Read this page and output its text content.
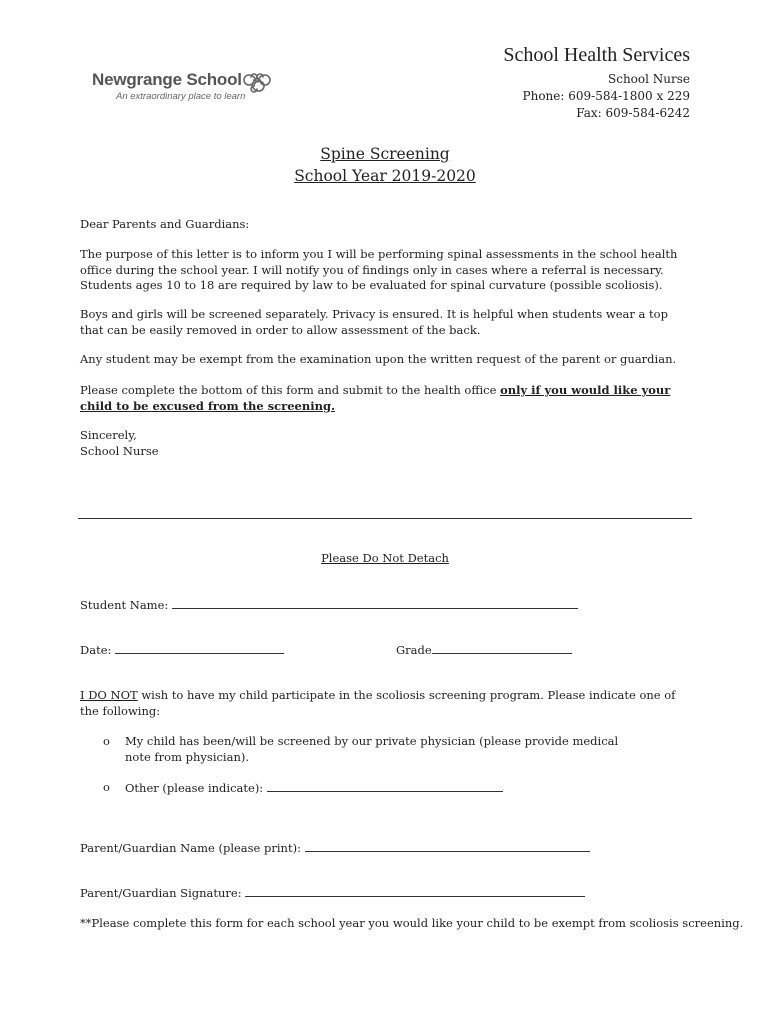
Newgrange School
An extraordinary place to learn
School Health Services
School Nurse
Phone: 609-584-1800 x 229
Fax: 609-584-6242
Spine Screening
School Year 2019-2020

Dear Parents and Guardians:

The purpose of this letter is to inform you I will be performing spinal assessments in the school health office during the school year. I will notify you of findings only in cases where a referral is necessary. Students ages 10 to 18 are required by law to be evaluated for spinal curvature (possible scoliosis).

Boys and girls will be screened separately. Privacy is ensured. It is helpful when students wear a top that can be easily removed in order to allow assessment of the back.

Any student may be exempt from the examination upon the written request of the parent or guardian.

Please complete the bottom of this form and submit to the health office only if you would like your child to be excused from the screening.

Sincerely,

School Nurse

Please Do Not Detach
Student Name:
Date:	Grade

I DO NOT wish to have my child participate in the scoliosis screening program. Please indicate one of the following:

o My child has been/will be screened by our private physician (please provide medical note from physician).

o Other (please indicate):
Parent/Guardian Name (please print):
Parent/Guardian Signature:
**Please complete this form for each school year you would like your child to be exempt from scoliosis screening.
